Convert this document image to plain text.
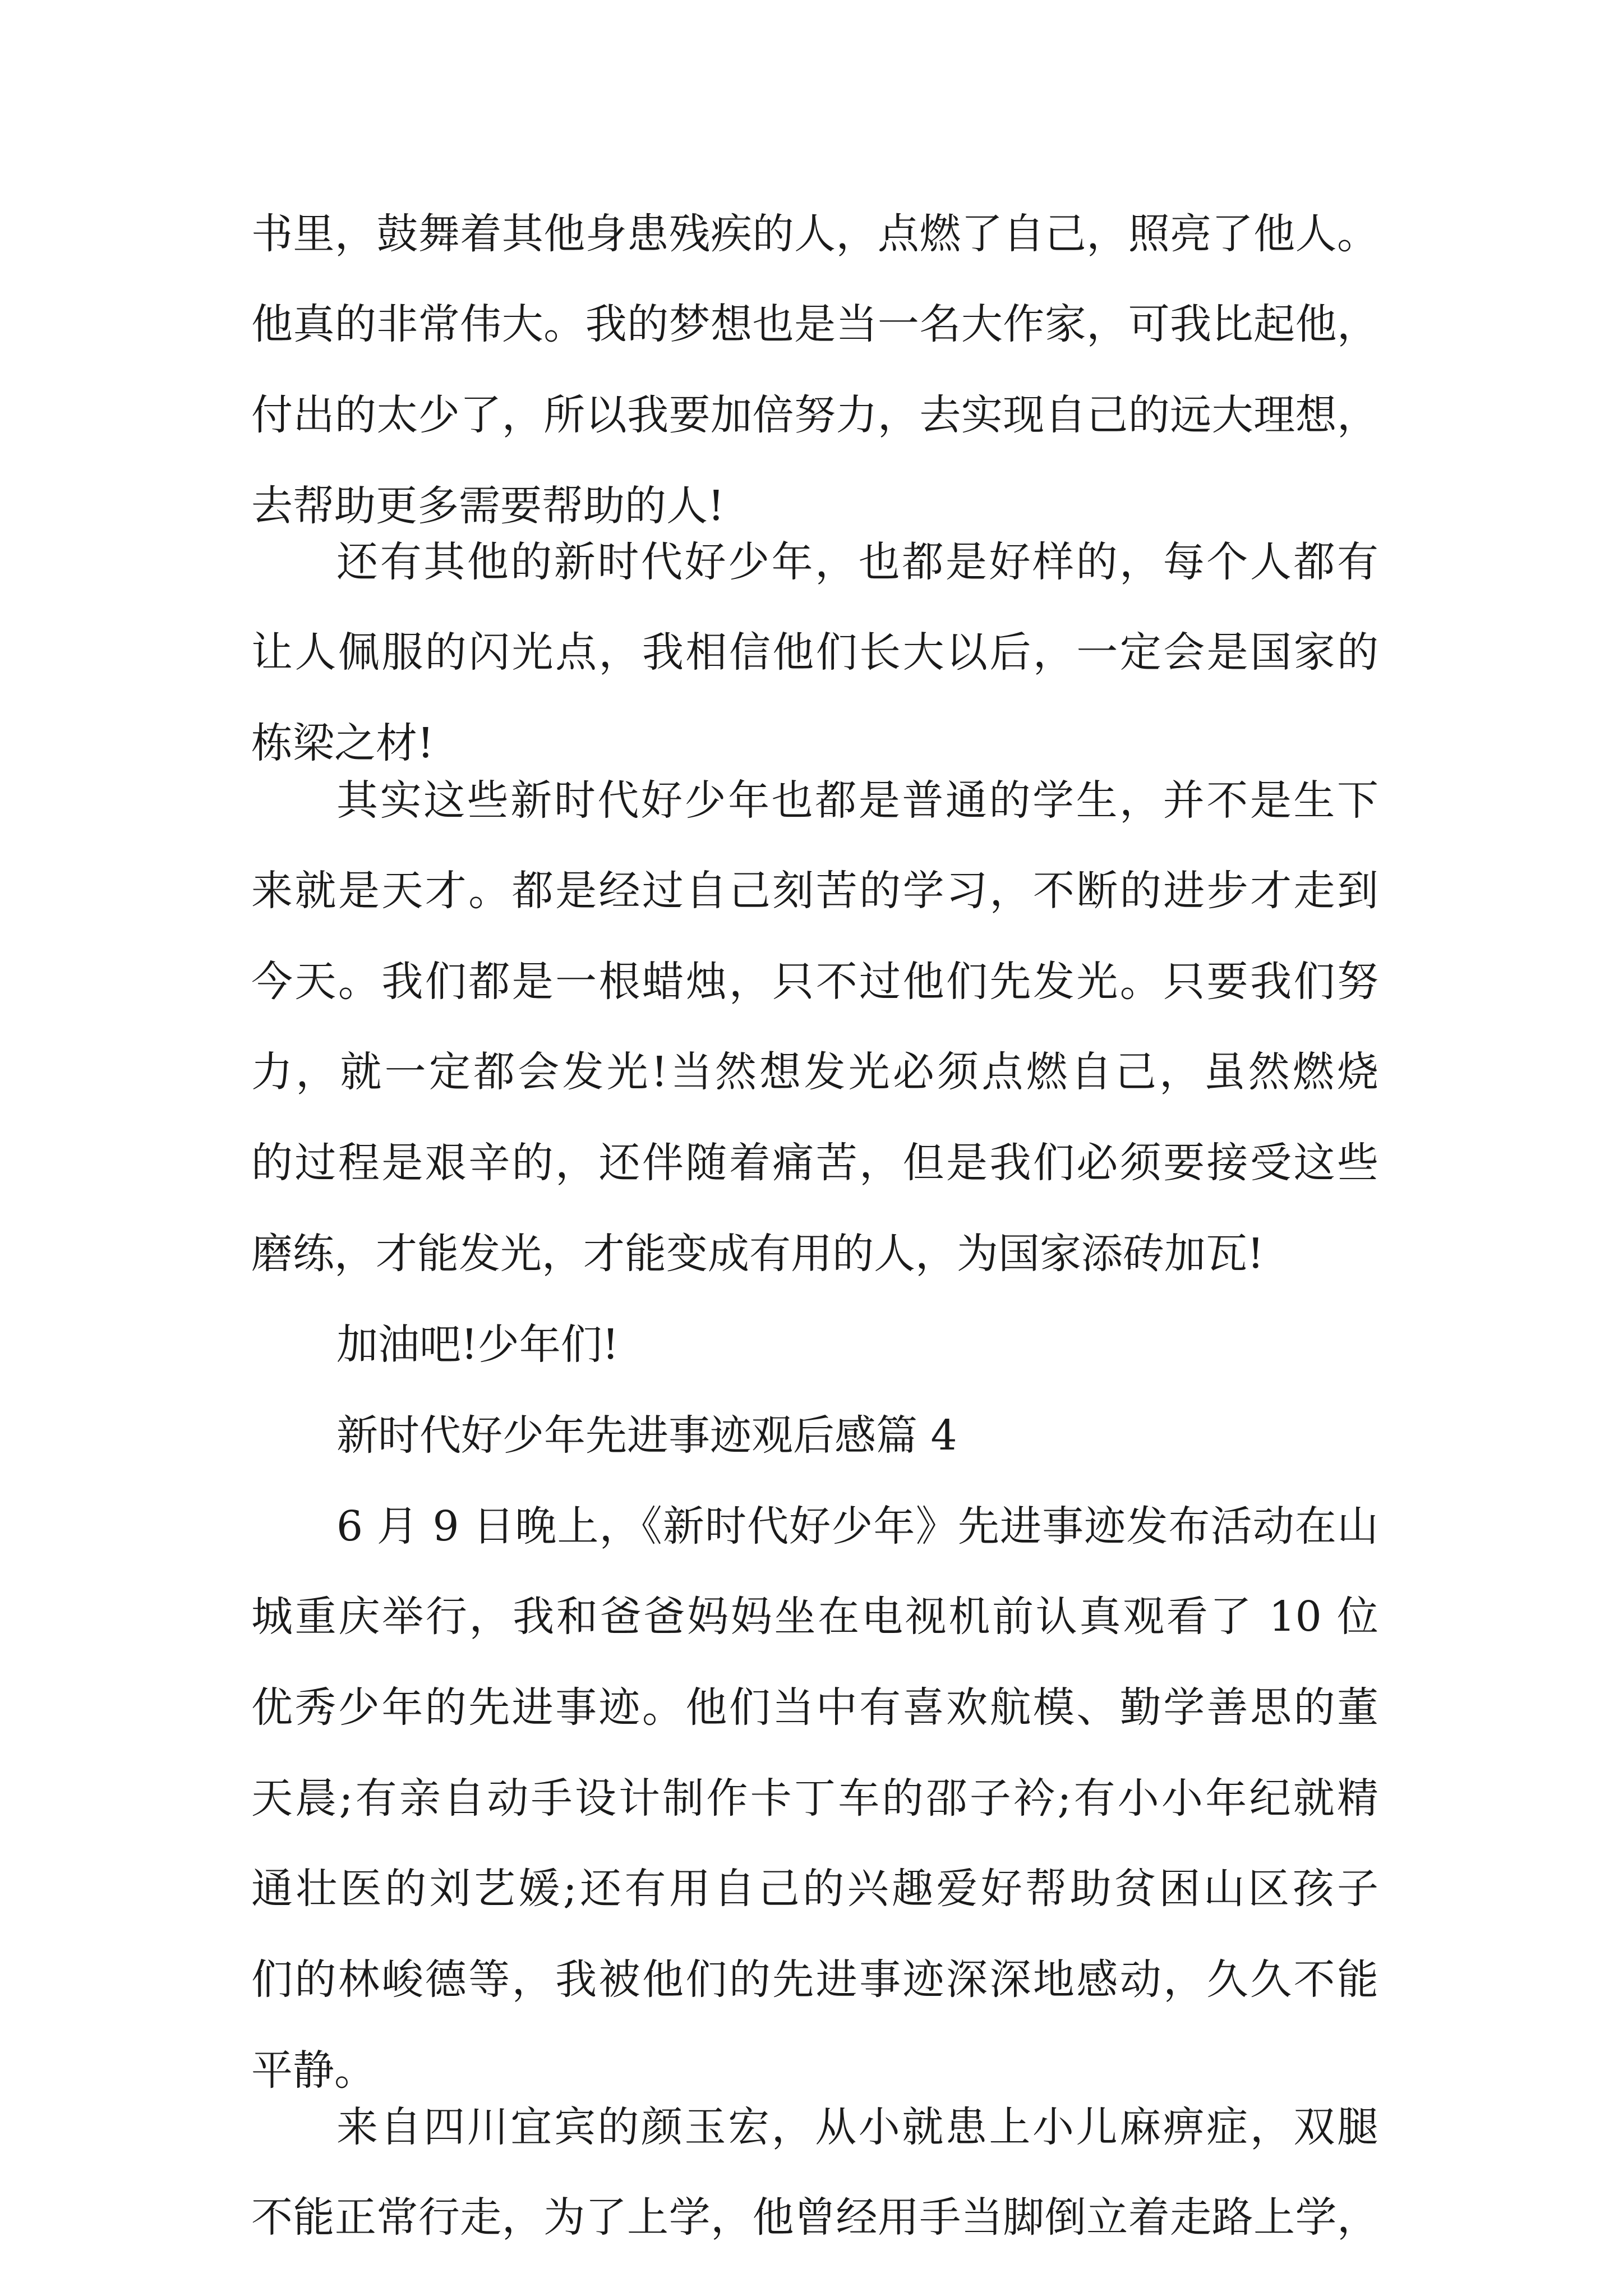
书里，鼓舞着其他身患残疾的人，点燃了自己，照亮了他人。
他真的非常伟大。我的梦想也是当一名大作家，可我比起他，
付出的太少了，所以我要加倍努力，去实现自己的远大理想，
去帮助更多需要帮助的人!
还有其他的新时代好少年，也都是好样的，每个人都有
让人佩服的闪光点，我相信他们长大以后，一定会是国家的
栋梁之材!
其实这些新时代好少年也都是普通的学生，并不是生下
来就是天才。都是经过自己刻苦的学习，不断的进步才走到
今天。我们都是一根蜡烛，只不过他们先发光。只要我们努
力，就一定都会发光!当然想发光必须点燃自己，虽然燃烧
的过程是艰辛的，还伴随着痛苦，但是我们必须要接受这些
磨练，才能发光，才能变成有用的人，为国家添砖加瓦!
加油吧!少年们!
新时代好少年先进事迹观后感篇 4
6 月 9 日晚上，《新时代好少年》先进事迹发布活动在山
城重庆举行，我和爸爸妈妈坐在电视机前认真观看了 10 位
优秀少年的先进事迹。他们当中有喜欢航模、勤学善思的董
天晨;有亲自动手设计制作卡丁车的邵子衿;有小小年纪就精
通壮医的刘艺媛;还有用自己的兴趣爱好帮助贫困山区孩子
们的林峻德等，我被他们的先进事迹深深地感动，久久不能
平静。
来自四川宜宾的颜玉宏，从小就患上小儿麻痹症，双腿
不能正常行走，为了上学，他曾经用手当脚倒立着走路上学，
